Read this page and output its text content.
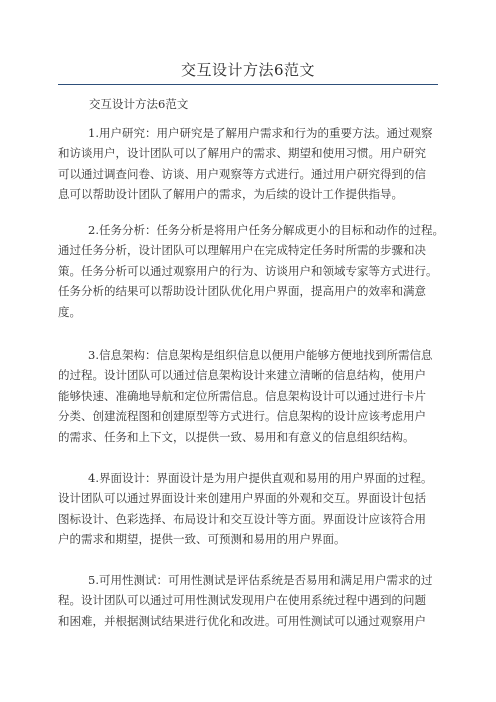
交互设计方法6范文
交互设计方法6范文
1.用户研究：用户研究是了解用户需求和行为的重要方法。通过观察
和访谈用户，设计团队可以了解用户的需求、期望和使用习惯。用户研究
可以通过调查问卷、访谈、用户观察等方式进行。通过用户研究得到的信
息可以帮助设计团队了解用户的需求，为后续的设计工作提供指导。
2.任务分析：任务分析是将用户任务分解成更小的目标和动作的过程。
通过任务分析，设计团队可以理解用户在完成特定任务时所需的步骤和决
策。任务分析可以通过观察用户的行为、访谈用户和领域专家等方式进行。
任务分析的结果可以帮助设计团队优化用户界面，提高用户的效率和满意
度。
3.信息架构：信息架构是组织信息以便用户能够方便地找到所需信息
的过程。设计团队可以通过信息架构设计来建立清晰的信息结构，使用户
能够快速、准确地导航和定位所需信息。信息架构设计可以通过进行卡片
分类、创建流程图和创建原型等方式进行。信息架构的设计应该考虑用户
的需求、任务和上下文，以提供一致、易用和有意义的信息组织结构。
4.界面设计：界面设计是为用户提供直观和易用的用户界面的过程。
设计团队可以通过界面设计来创建用户界面的外观和交互。界面设计包括
图标设计、色彩选择、布局设计和交互设计等方面。界面设计应该符合用
户的需求和期望，提供一致、可预测和易用的用户界面。
5.可用性测试：可用性测试是评估系统是否易用和满足用户需求的过
程。设计团队可以通过可用性测试发现用户在使用系统过程中遇到的问题
和困难，并根据测试结果进行优化和改进。可用性测试可以通过观察用户
